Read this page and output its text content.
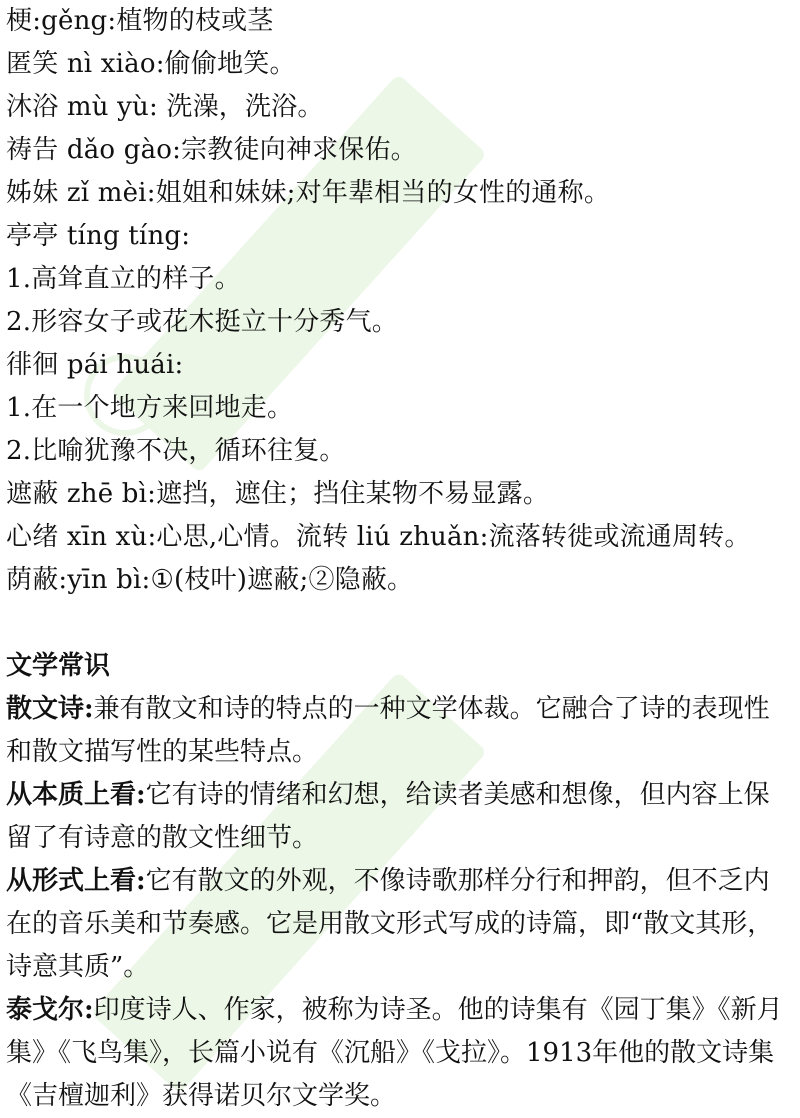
梗:gěng:植物的枝或茎
匿笑 nì xiào:偷偷地笑。
沐浴 mù yù: 洗澡，洗浴。
祷告 dǎo gào:宗教徒向神求保佑。
姊妹 zǐ mèi:姐姐和妹妹;对年辈相当的女性的通称。
亭亭 tíng tíng:
1.高耸直立的样子。
2.形容女子或花木挺立十分秀气。
徘徊 pái huái:
1.在一个地方来回地走。
2.比喻犹豫不决，循环往复。
遮蔽 zhē bì:遮挡，遮住；挡住某物不易显露。
心绪 xīn xù:心思,心情。流转 liú zhuǎn:流落转徙或流通周转。
荫蔽:yīn bì:①(枝叶)遮蔽;②隐蔽。
文学常识
散文诗:兼有散文和诗的特点的一种文学体裁。它融合了诗的表现性和散文描写性的某些特点。
从本质上看:它有诗的情绪和幻想，给读者美感和想像，但内容上保留了有诗意的散文性细节。
从形式上看:它有散文的外观，不像诗歌那样分行和押韵，但不乏内在的音乐美和节奏感。它是用散文形式写成的诗篇，即“散文其形，诗意其质”。
泰戈尔:印度诗人、作家，被称为诗圣。他的诗集有《园丁集》《新月集》《飞鸟集》，长篇小说有《沉船》《戈拉》。1913年他的散文诗集《吉檀迦利》获得诺贝尔文学奖。
